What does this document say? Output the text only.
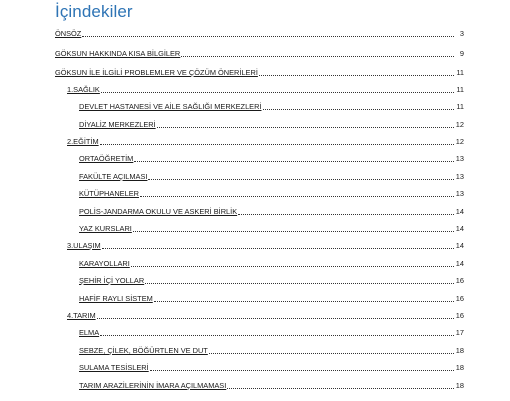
İçindekiler
ÖNSÖZ	3
GÖKSUN HAKKINDA KISA BİLGİLER	9
GÖKSUN İLE İLGİLİ PROBLEMLER VE ÇÖZÜM ÖNERİLERİ	11
1.SAĞLIK	11
DEVLET HASTANESİ VE AİLE SAĞLIĞI MERKEZLERİ	11
DİYALİZ MERKEZLERİ	12
2.EĞİTİM	12
ORTAÖĞRETİM	13
FAKÜLTE AÇILMASI	13
KÜTÜPHANELER	13
POLİS-JANDARMA OKULU VE ASKERİ BİRLİK	14
YAZ KURSLARI	14
3.ULAŞIM	14
KARAYOLLARI	14
ŞEHİR İÇİ YOLLAR	16
HAFİF RAYLI SİSTEM	16
4.TARIM	16
ELMA	17
SEBZE, ÇİLEK, BÖĞÜRTLEN VE DUT	18
SULAMA TESİSLERİ	18
TARIM ARAZİLERİNİN İMARA AÇILMAMASI	18
